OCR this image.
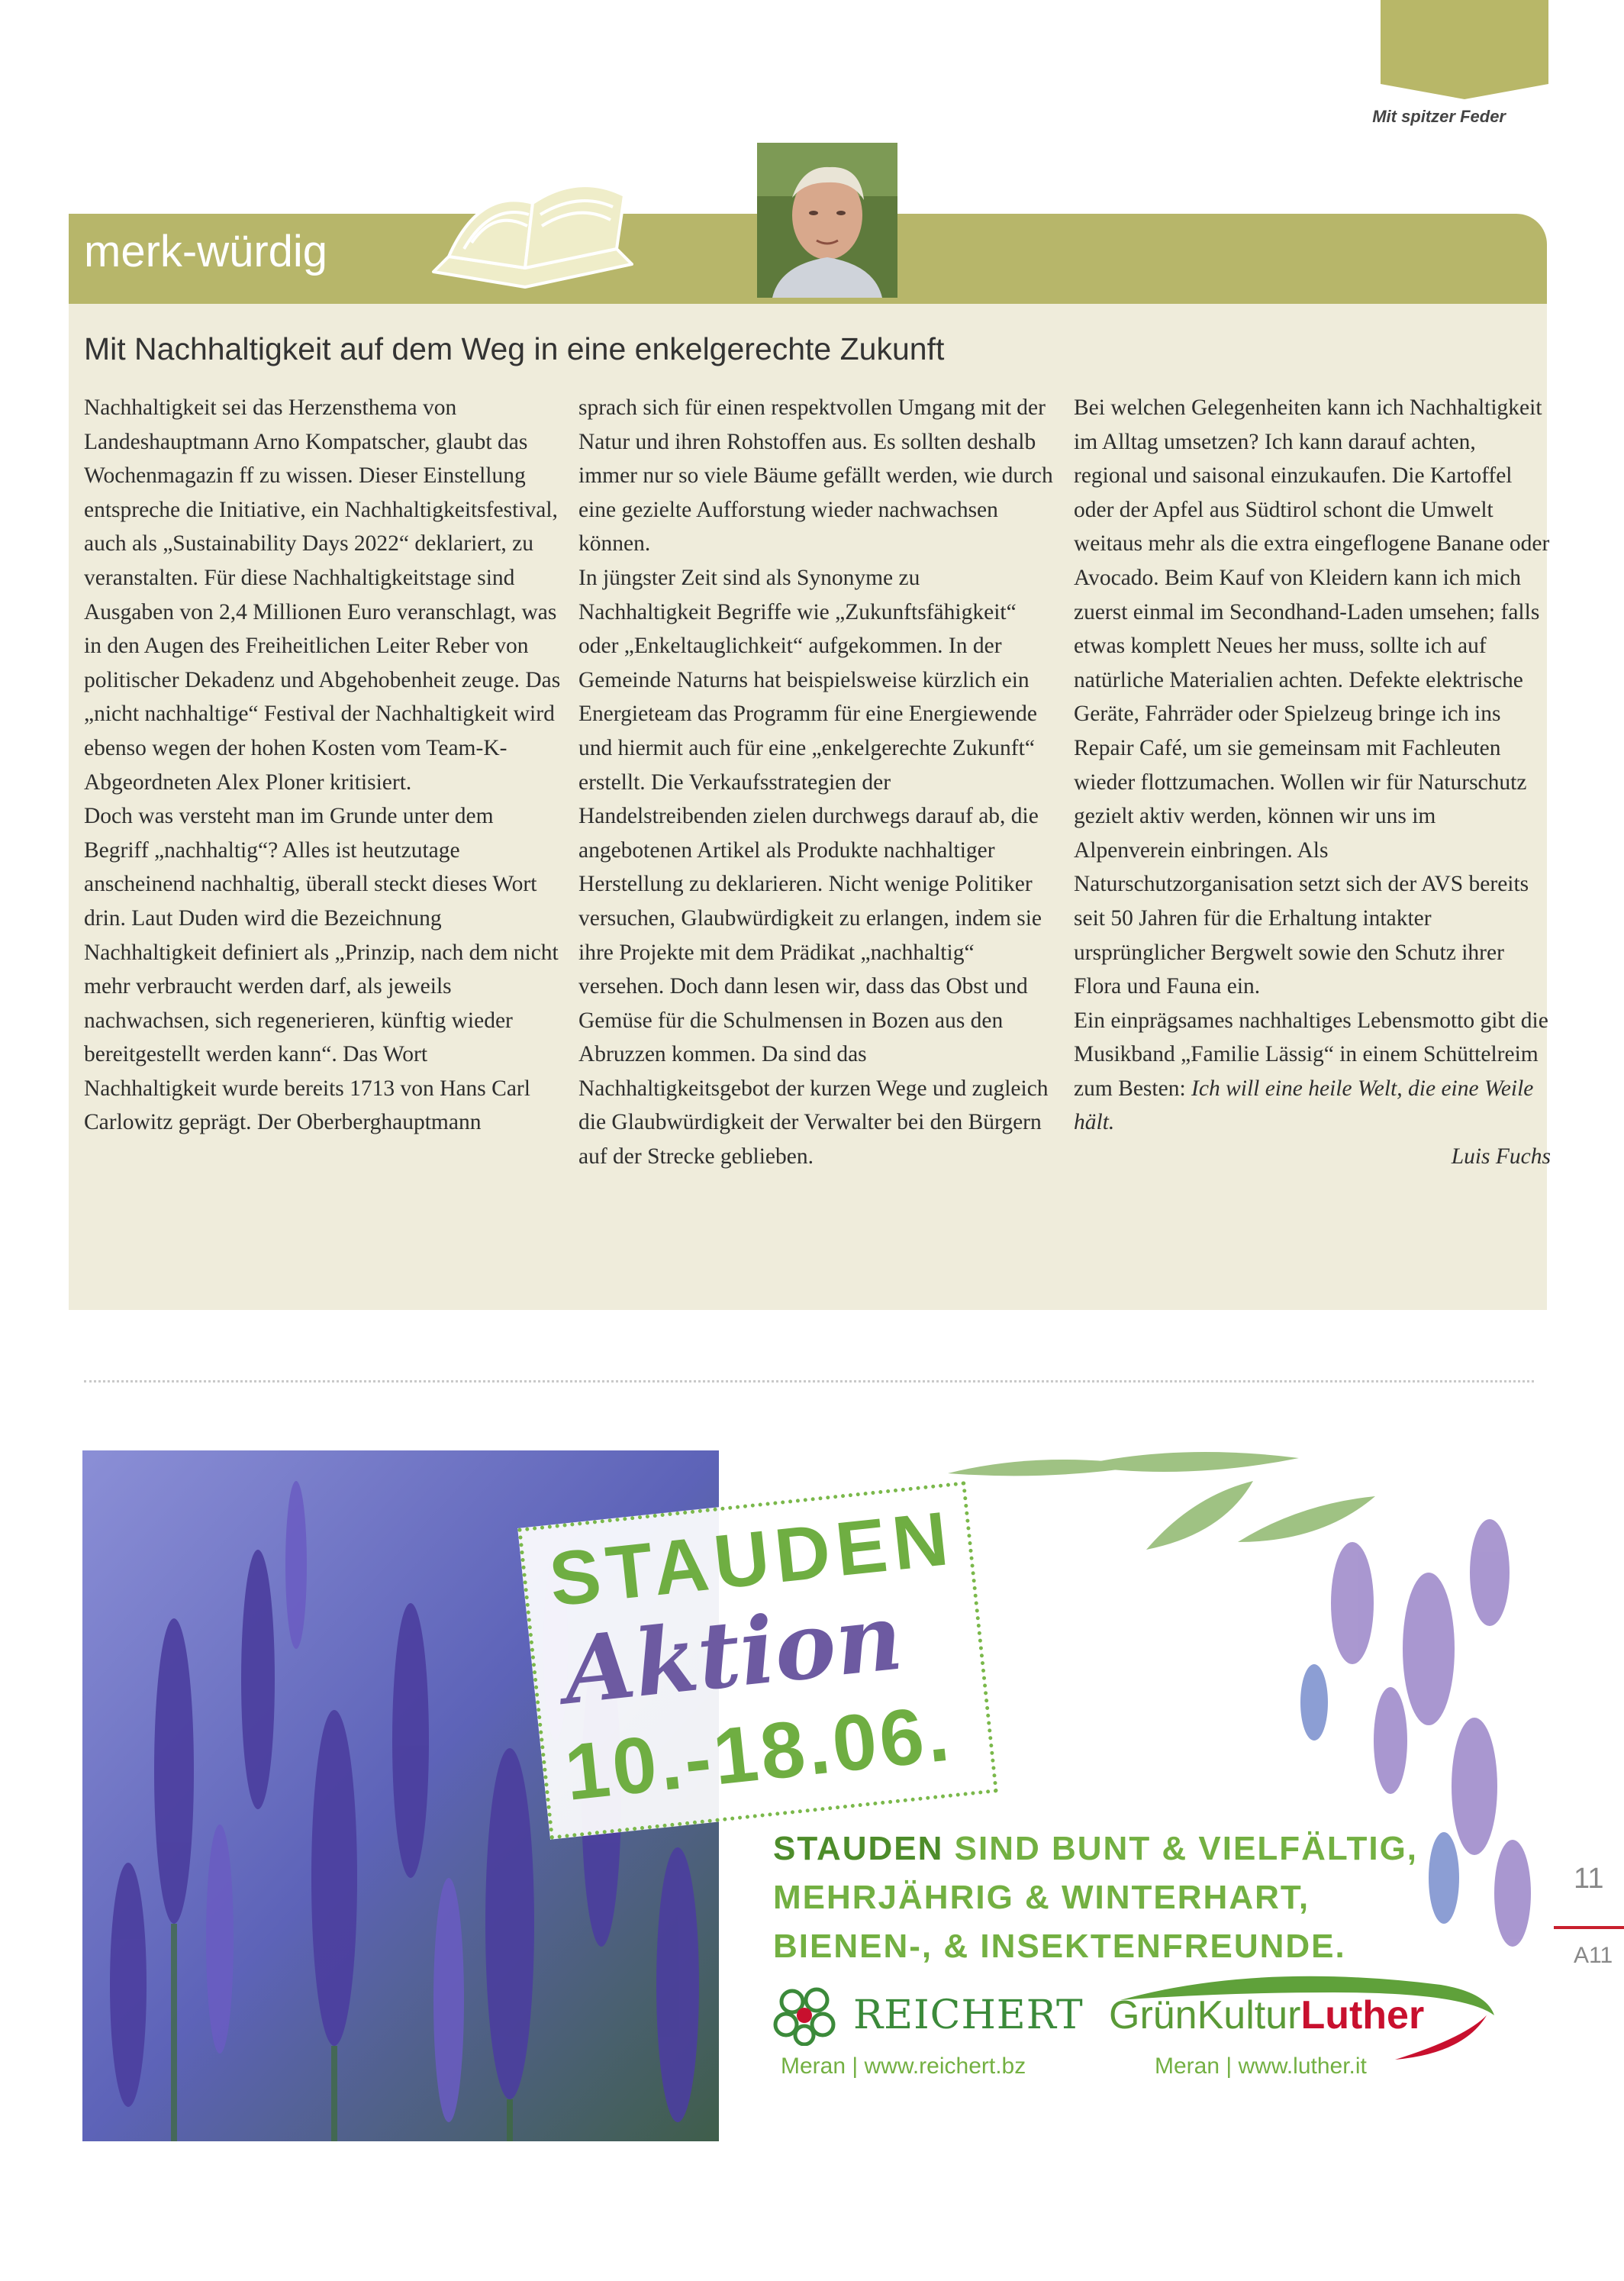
Mit spitzer Feder
merk-würdig
Mit Nachhaltigkeit auf dem Weg in eine enkelgerechte Zukunft

Nachhaltigkeit sei das Herzensthema von Landeshauptmann Arno Kompatscher, glaubt das Wochenmagazin ff zu wissen. Dieser Einstellung entspreche die Initiative, ein Nachhaltigkeitsfestival, auch als „Sustainability Days 2022“ deklariert, zu veranstalten. Für diese Nachhaltigkeitstage sind Ausgaben von 2,4 Millionen Euro veranschlagt, was in den Augen des Freiheitlichen Leiter Reber von politischer Dekadenz und Abgehobenheit zeuge. Das „nicht nachhaltige“ Festival der Nachhaltigkeit wird ebenso wegen der hohen Kosten vom Team-K-Abgeordneten Alex Ploner kritisiert.

Doch was versteht man im Grunde unter dem Begriff „nachhaltig“? Alles ist heutzutage anscheinend nachhaltig, überall steckt dieses Wort drin. Laut Duden wird die Bezeichnung Nachhaltigkeit definiert als „Prinzip, nach dem nicht mehr verbraucht werden darf, als jeweils nachwachsen, sich regenerieren, künftig wieder bereitgestellt werden kann“. Das Wort Nachhaltigkeit wurde bereits 1713 von Hans Carl Carlowitz geprägt. Der Oberberghauptmann

sprach sich für einen respektvollen Umgang mit der Natur und ihren Rohstoffen aus. Es sollten deshalb immer nur so viele Bäume gefällt werden, wie durch eine gezielte Aufforstung wieder nachwachsen können.

In jüngster Zeit sind als Synonyme zu Nachhaltigkeit Begriffe wie „Zukunftsfähigkeit“ oder „Enkeltauglichkeit“ aufgekommen. In der Gemeinde Naturns hat beispielsweise kürzlich ein Energieteam das Programm für eine Energiewende und hiermit auch für eine „enkelgerechte Zukunft“ erstellt. Die Verkaufsstrategien der Handelstreibenden zielen durchwegs darauf ab, die angebotenen Artikel als Produkte nachhaltiger Herstellung zu deklarieren. Nicht wenige Politiker versuchen, Glaubwürdigkeit zu erlangen, indem sie ihre Projekte mit dem Prädikat „nachhaltig“ versehen. Doch dann lesen wir, dass das Obst und Gemüse für die Schulmensen in Bozen aus den Abruzzen kommen. Da sind das Nachhaltigkeitsgebot der kurzen Wege und zugleich die Glaubwürdigkeit der Verwalter bei den Bürgern auf der Strecke geblieben.

Bei welchen Gelegenheiten kann ich Nachhaltigkeit im Alltag umsetzen? Ich kann darauf achten, regional und saisonal einzukaufen. Die Kartoffel oder der Apfel aus Südtirol schont die Umwelt weitaus mehr als die extra eingeflogene Banane oder Avocado. Beim Kauf von Kleidern kann ich mich zuerst einmal im Secondhand-Laden umsehen; falls etwas komplett Neues her muss, sollte ich auf natürliche Materialien achten. Defekte elektrische Geräte, Fahrräder oder Spielzeug bringe ich ins Repair Café, um sie gemeinsam mit Fachleuten wieder flottzumachen. Wollen wir für Naturschutz gezielt aktiv werden, können wir uns im Alpenverein einbringen. Als Naturschutzorganisation setzt sich der AVS bereits seit 50 Jahren für die Erhaltung intakter ursprünglicher Bergwelt sowie den Schutz ihrer Flora und Fauna ein.

Ein einprägsames nachhaltiges Lebensmotto gibt die Musikband „Familie Lässig“ in einem Schüttelreim zum Besten: Ich will eine heile Welt, die eine Weile hält.

Luis Fuchs

STAUDEN
Aktion
10.-18.06.
STAUDEN SIND BUNT & VIELFÄLTIG,
MEHRJÄHRIG & WINTERHART,
BIENEN-, & INSEKTENFREUNDE.
REICHERT
Meran | www.reichert.bz
GrünKulturLuther
Meran | www.luther.it
11
A11
